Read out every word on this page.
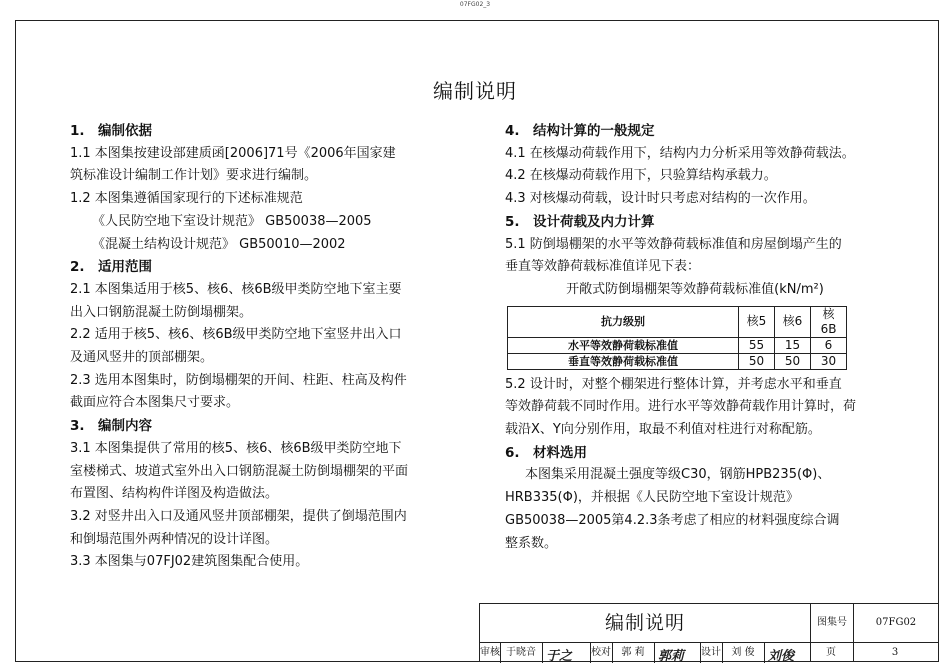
07FG02_3
编制说明

1.　编制依据

1.1 本图集按建设部建质函[2006]71号《2006年国家建

筑标准设计编制工作计划》要求进行编制。

1.2 本图集遵循国家现行的下述标准规范

《人民防空地下室设计规范》 GB50038—2005

《混凝土结构设计规范》 GB50010—2002

2.　适用范围

2.1 本图集适用于核5、核6、核6B级甲类防空地下室主要

出入口钢筋混凝土防倒塌棚架。

2.2 适用于核5、核6、核6B级甲类防空地下室竖井出入口

及通风竖井的顶部棚架。

2.3 选用本图集时，防倒塌棚架的开间、柱距、柱高及构件

截面应符合本图集尺寸要求。

3.　编制内容

3.1 本图集提供了常用的核5、核6、核6B级甲类防空地下

室楼梯式、坡道式室外出入口钢筋混凝土防倒塌棚架的平面

布置图、结构构件详图及构造做法。

3.2 对竖井出入口及通风竖井顶部棚架，提供了倒塌范围内

和倒塌范围外两种情况的设计详图。

3.3 本图集与07FJ02建筑图集配合使用。

4.　结构计算的一般规定

4.1 在核爆动荷载作用下，结构内力分析采用等效静荷载法。

4.2 在核爆动荷载作用下，只验算结构承载力。

4.3 对核爆动荷载，设计时只考虑对结构的一次作用。

5.　设计荷载及内力计算

5.1 防倒塌棚架的水平等效静荷载标准值和房屋倒塌产生的

垂直等效静荷载标准值详见下表：

开敞式防倒塌棚架等效静荷载标准值(kN/m²)

抗力级别	核5	核6	核6B
水平等效静荷载标准值	55	15	6
垂直等效静荷载标准值	50	50	30

5.2 设计时，对整个棚架进行整体计算，并考虑水平和垂直

等效静荷载不同时作用。进行水平等效静荷载作用计算时，荷

载沿X、Y向分别作用，取最不利值对柱进行对称配筋。

6.　材料选用

本图集采用混凝土强度等级C30，钢筋HPB235(Φ)、

HRB335(Φ)，并根据《人民防空地下室设计规范》

GB50038—2005第4.2.3条考虑了相应的材料强度综合调

整系数。

编制说明	图集号	07FG02
审核 于晓音	校对	郭 莉	设计	刘 俊	页	3
于之	郭莉	刘俊
